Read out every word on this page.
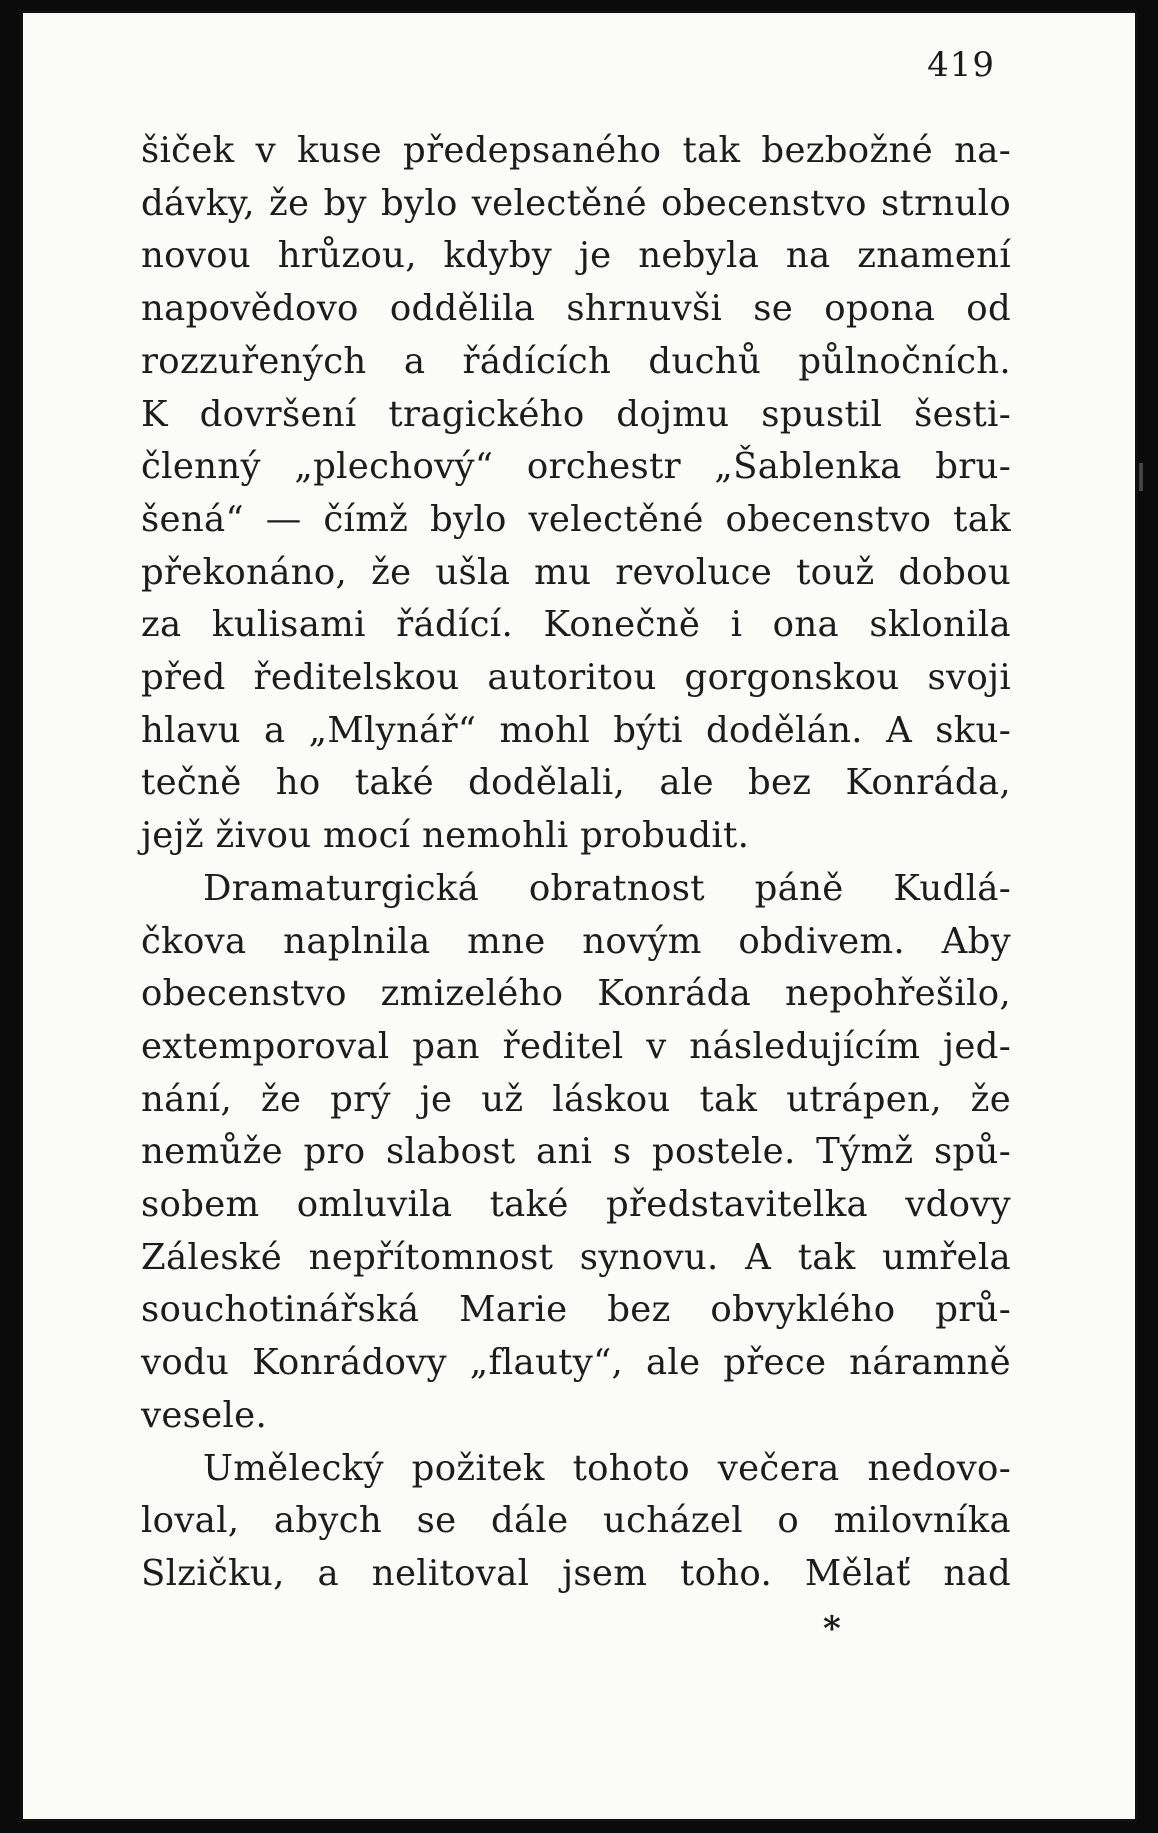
419
šiček v kuse předepsaného tak bezbožné na-
dávky, že by bylo velectěné obecenstvo strnulo
novou hrůzou, kdyby je nebyla na znamení
napovědovo oddělila shrnuvši se opona od
rozzuřených a řádících duchů půlnočních.
K dovršení tragického dojmu spustil šesti-
členný „plechový“ orchestr „Šablenka bru-
šená“ — čímž bylo velectěné obecenstvo tak
překonáno, že ušla mu revoluce touž dobou
za kulisami řádící. Konečně i ona sklonila
před ředitelskou autoritou gorgonskou svoji
hlavu a „Mlynář“ mohl býti dodělán. A sku-
tečně ho také dodělali, ale bez Konráda,
jejž živou mocí nemohli probudit.
Dramaturgická obratnost páně Kudlá-
čkova naplnila mne novým obdivem. Aby
obecenstvo zmizelého Konráda nepohřešilo,
extemporoval pan ředitel v následujícím jed-
nání, že prý je už láskou tak utrápen, že
nemůže pro slabost ani s postele. Týmž spů-
sobem omluvila také představitelka vdovy
Záleské nepřítomnost synovu. A tak umřela
souchotinářská Marie bez obvyklého prů-
vodu Konrádovy „flauty“, ale přece náramně
vesele.
Umělecký požitek tohoto večera nedovo-
loval, abych se dále ucházel o milovníka
Slzičku, a nelitoval jsem toho. Mělať nad
*
